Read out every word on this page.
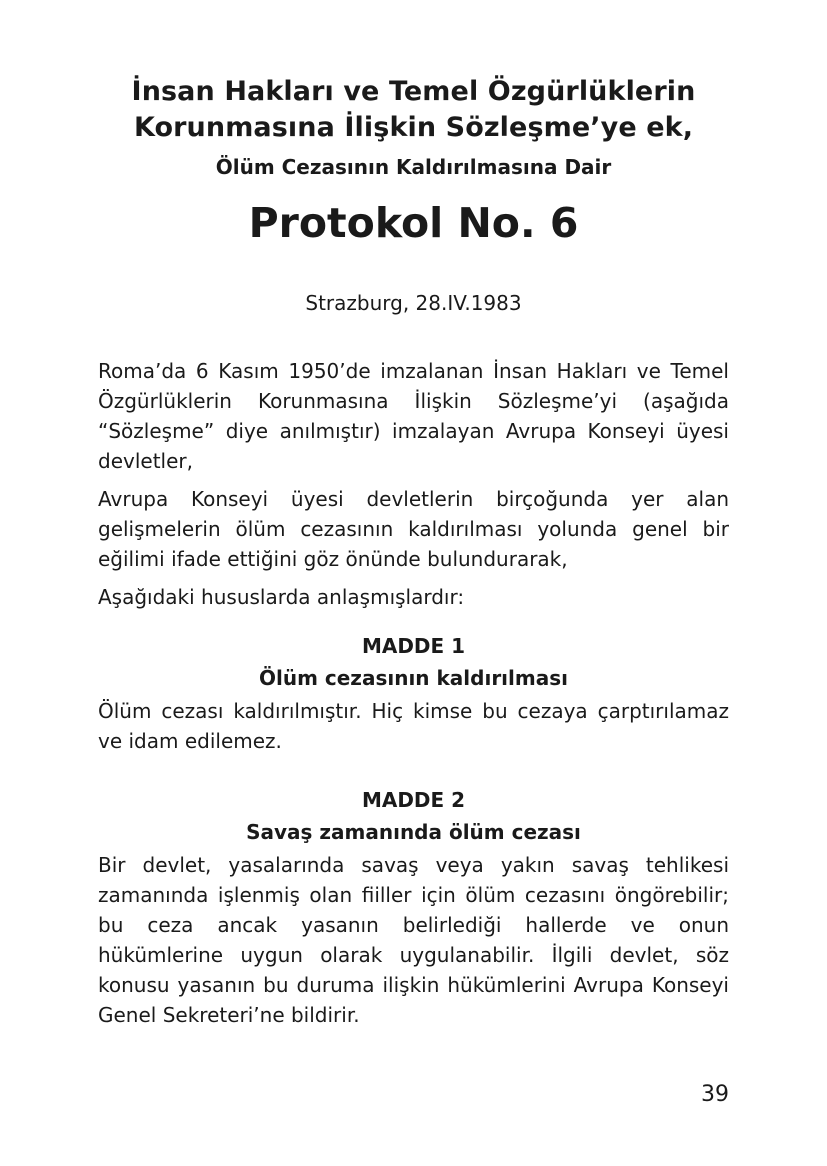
İnsan Hakları ve Temel Özgürlüklerin
Korunmasına İlişkin Sözleşme’ye ek,
Ölüm Cezasının Kaldırılmasına Dair
Protokol No. 6
Strazburg, 28.IV.1983

Roma’da 6 Kasım 1950’de imzalanan İnsan Hakları ve Temel Özgürlüklerin Korunmasına İlişkin Sözleşme’yi (aşağıda “Sözleşme” diye anılmıştır) imzalayan Avrupa Konseyi üyesi devletler,

Avrupa Konseyi üyesi devletlerin birçoğunda yer alan gelişmelerin ölüm cezasının kaldırılması yolunda genel bir eğilimi ifade ettiğini göz önünde bulundurarak,

Aşağıdaki hususlarda anlaşmışlardır:

MADDE 1
Ölüm cezasının kaldırılması

Ölüm cezası kaldırılmıştır. Hiç kimse bu cezaya çarptırılamaz ve idam edilemez.

MADDE 2
Savaş zamanında ölüm cezası

Bir devlet, yasalarında savaş veya yakın savaş tehlikesi zamanında işlenmiş olan fiiller için ölüm cezasını öngörebilir; bu ceza ancak yasanın belirlediği hallerde ve onun hükümlerine uygun olarak uygulanabilir. İlgili devlet, söz konusu yasanın bu duruma ilişkin hükümlerini Avrupa Konseyi Genel Sekreteri’ne bildirir.

39
